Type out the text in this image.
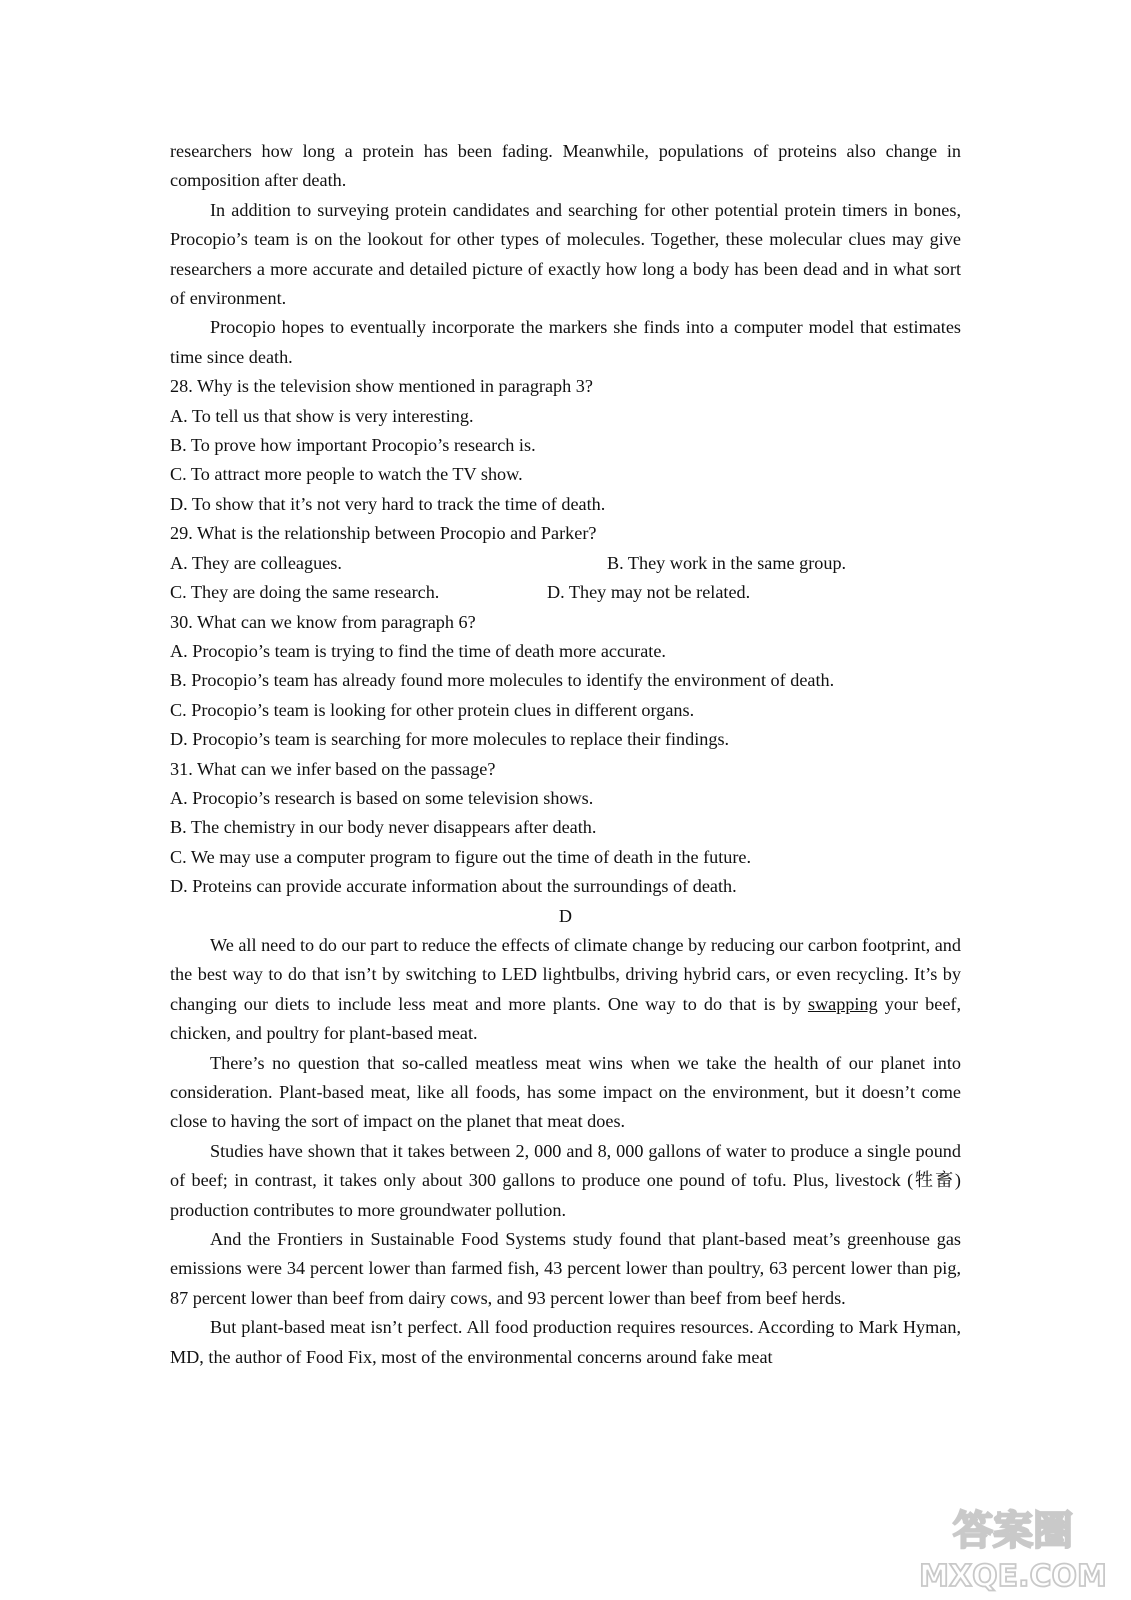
researchers how long a protein has been fading. Meanwhile, populations of proteins also change in composition after death.
In addition to surveying protein candidates and searching for other potential protein timers in bones, Procopio’s team is on the lookout for other types of molecules. Together, these molecular clues may give researchers a more accurate and detailed picture of exactly how long a body has been dead and in what sort of environment.
Procopio hopes to eventually incorporate the markers she finds into a computer model that estimates time since death.
28. Why is the television show mentioned in paragraph 3?
A. To tell us that show is very interesting.
B. To prove how important Procopio’s research is.
C. To attract more people to watch the TV show.
D. To show that it’s not very hard to track the time of death.
29. What is the relationship between Procopio and Parker?
A. They are colleagues.	B. They work in the same group.
C. They are doing the same research.	D. They may not be related.
30. What can we know from paragraph 6?
A. Procopio’s team is trying to find the time of death more accurate.
B. Procopio’s team has already found more molecules to identify the environment of death.
C. Procopio’s team is looking for other protein clues in different organs.
D. Procopio’s team is searching for more molecules to replace their findings.
31. What can we infer based on the passage?
A. Procopio’s research is based on some television shows.
B. The chemistry in our body never disappears after death.
C. We may use a computer program to figure out the time of death in the future.
D. Proteins can provide accurate information about the surroundings of death.
D
We all need to do our part to reduce the effects of climate change by reducing our carbon footprint, and the best way to do that isn’t by switching to LED lightbulbs, driving hybrid cars, or even recycling. It’s by changing our diets to include less meat and more plants. One way to do that is by swapping your beef, chicken, and poultry for plant-based meat.
There’s no question that so-called meatless meat wins when we take the health of our planet into consideration. Plant-based meat, like all foods, has some impact on the environment, but it doesn’t come close to having the sort of impact on the planet that meat does.
Studies have shown that it takes between 2, 000 and 8, 000 gallons of water to produce a single pound of beef; in contrast, it takes only about 300 gallons to produce one pound of tofu. Plus, livestock (牲畜) production contributes to more groundwater pollution.
And the Frontiers in Sustainable Food Systems study found that plant-based meat’s greenhouse gas emissions were 34 percent lower than farmed fish, 43 percent lower than poultry, 63 percent lower than pig, 87 percent lower than beef from dairy cows, and 93 percent lower than beef from beef herds.
But plant-based meat isn’t perfect. All food production requires resources. According to Mark Hyman, MD, the author of Food Fix, most of the environmental concerns around fake meat
答案圈
MXQE.COM
